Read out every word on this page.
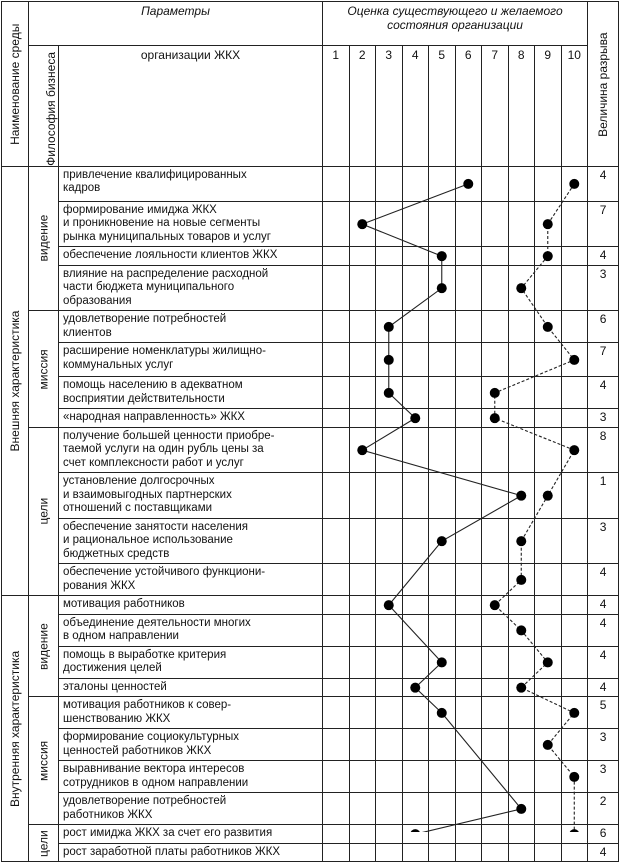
Наименование среды	Параметры		Оценка существующего и желаемого состояния организации										Величина разрыва
	Философия бизнеса	организации ЖКХ	1	2	3	4	5	6	7	8	9	10	
Внешняя характеристика	видение	привлечение квалифицированных
кадров											4
		формирование имиджа ЖКХ
и проникновение на новые сегменты
рынка муниципальных товаров и услуг											7
		обеспечение лояльности клиентов ЖКХ											4
		влияние на распределение расходной
части бюджета муниципального
образования											3
	миссия	удовлетворение потребностей
клиентов											6
		расширение номенклатуры жилищно-
коммунальных услуг											7
		помощь населению в адекватном
восприятии действительности											4
		«народная направленность» ЖКХ											3
	цели	получение большей ценности приобре-
таемой услуги на один рубль цены за
счет комплексности работ и услуг											8
		установление долгосрочных
и взаимовыгодных партнерских
отношений с поставщиками											1
		обеспечение занятости населения
и рациональное использование
бюджетных средств											3
		обеспечение устойчивого функциони-
рования ЖКХ											4
Внутренняя характеристика	видение	мотивация работников											4
		объединение деятельности многих
в одном направлении											4
		помощь в выработке критерия
достижения целей											4
		эталоны ценностей											4
	миссия	мотивация работников к совер-
шенствованию ЖКХ											5
		формирование социокультурных
ценностей работников ЖКХ											3
		выравнивание вектора интересов
сотрудников в одном направлении											3
		удовлетворение потребностей
работников ЖКХ											2
	цели	рост имиджа ЖКХ за счет его развития											6
		рост заработной платы работников ЖКХ											4
